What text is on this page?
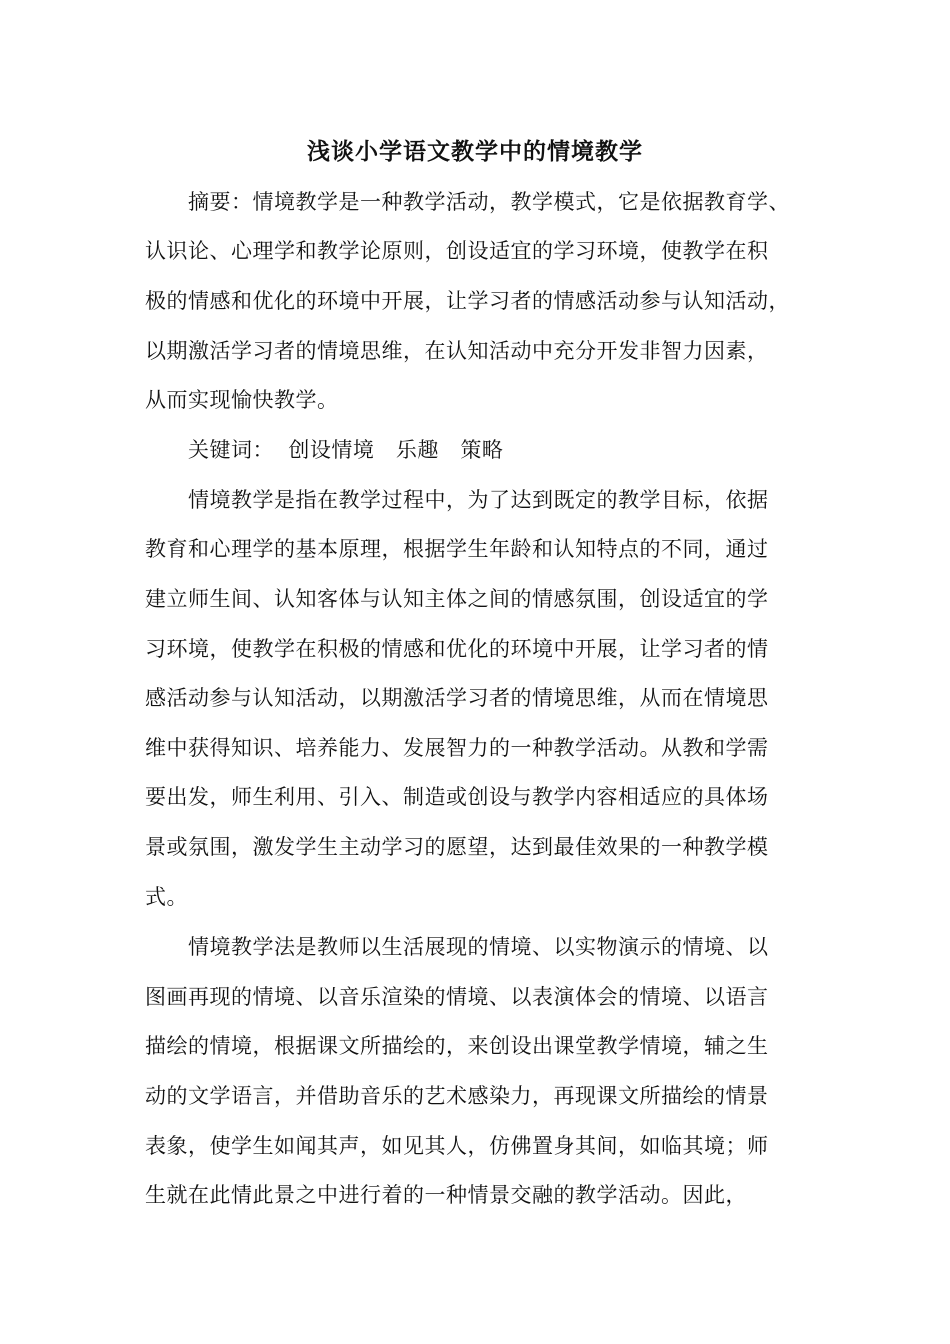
浅谈小学语文教学中的情境教学
摘要：情境教学是一种教学活动，教学模式，它是依据教育学、
认识论、心理学和教学论原则，创设适宜的学习环境，使教学在积
极的情感和优化的环境中开展，让学习者的情感活动参与认知活动，
以期激活学习者的情境思维，在认知活动中充分开发非智力因素，
从而实现愉快教学。
关键词：  创设情境   乐趣   策略
情境教学是指在教学过程中，为了达到既定的教学目标，依据
教育和心理学的基本原理，根据学生年龄和认知特点的不同，通过
建立师生间、认知客体与认知主体之间的情感氛围，创设适宜的学
习环境，使教学在积极的情感和优化的环境中开展，让学习者的情
感活动参与认知活动，以期激活学习者的情境思维，从而在情境思
维中获得知识、培养能力、发展智力的一种教学活动。从教和学需
要出发，师生利用、引入、制造或创设与教学内容相适应的具体场
景或氛围，激发学生主动学习的愿望，达到最佳效果的一种教学模
式。
情境教学法是教师以生活展现的情境、以实物演示的情境、以
图画再现的情境、以音乐渲染的情境、以表演体会的情境、以语言
描绘的情境，根据课文所描绘的，来创设出课堂教学情境，辅之生
动的文学语言，并借助音乐的艺术感染力，再现课文所描绘的情景
表象，使学生如闻其声，如见其人，仿佛置身其间，如临其境；师
生就在此情此景之中进行着的一种情景交融的教学活动。因此，
